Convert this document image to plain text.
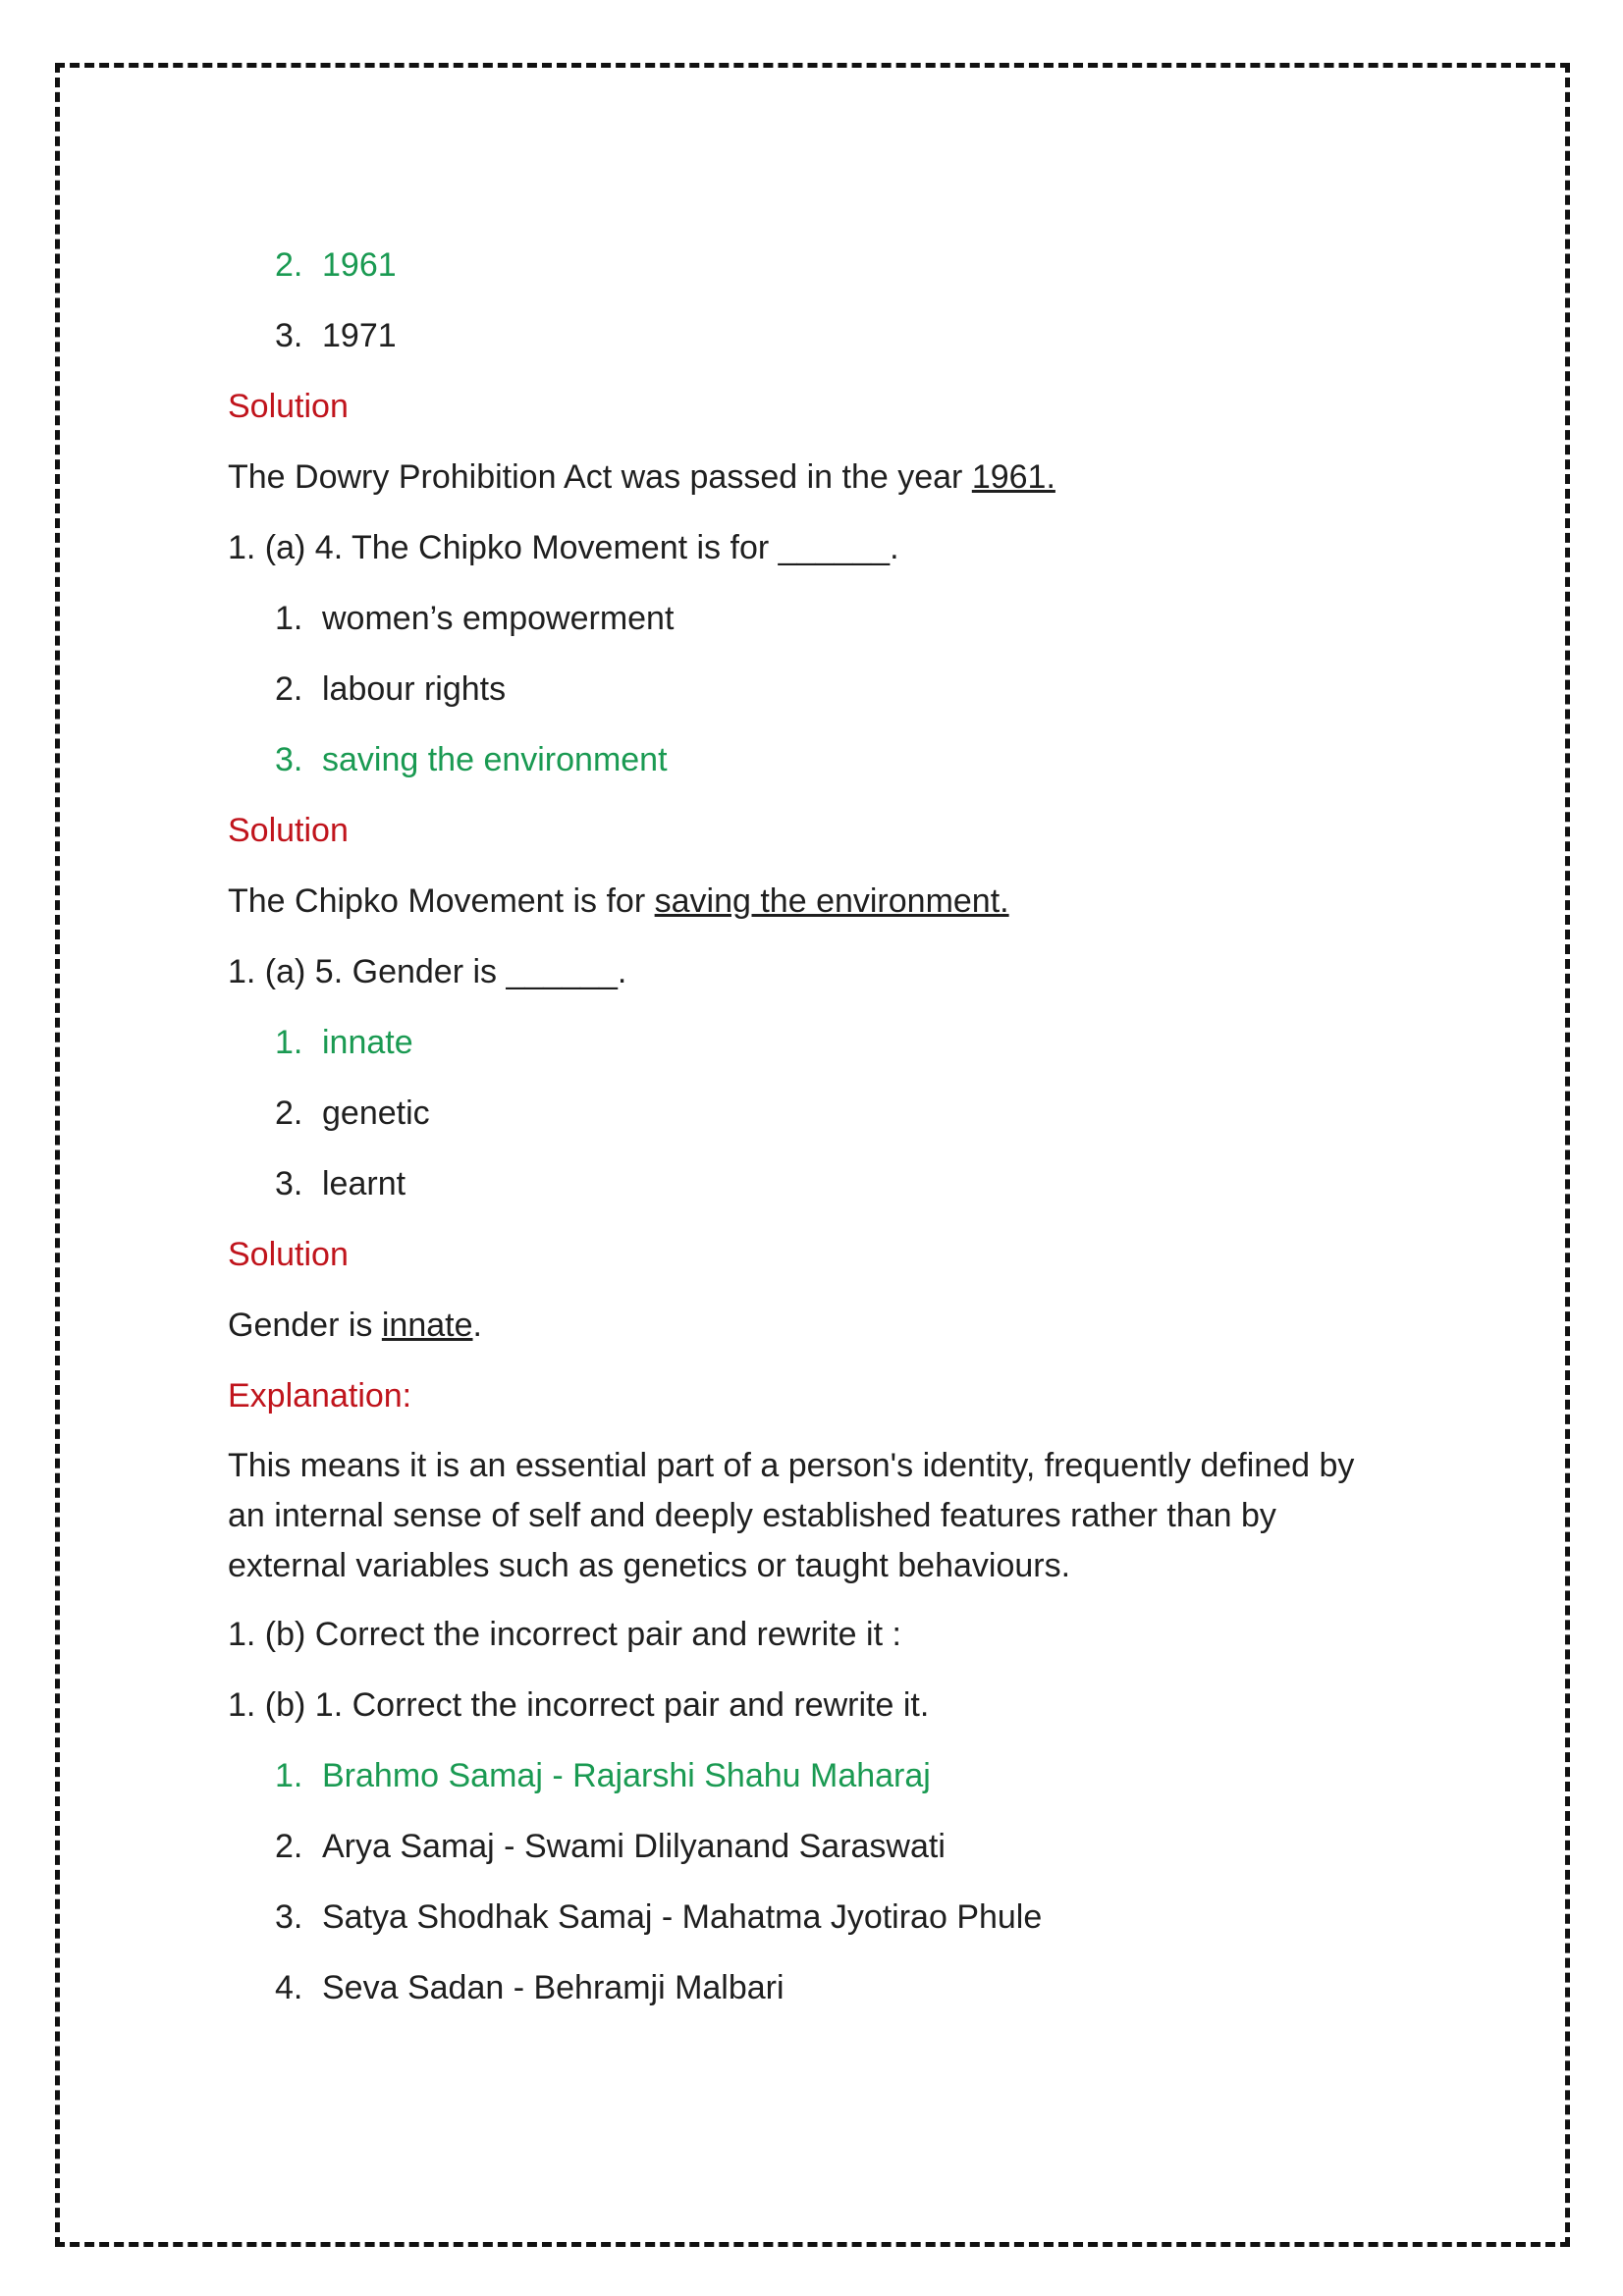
2. 1961
3. 1971
Solution
The Dowry Prohibition Act was passed in the year 1961.
1. (a) 4. The Chipko Movement is for ______.
1. women’s empowerment
2. labour rights
3. saving the environment
Solution
The Chipko Movement is for saving the environment.
1. (a) 5. Gender is ______.
1. innate
2. genetic
3. learnt
Solution
Gender is innate.
Explanation:
This means it is an essential part of a person's identity, frequently defined by an internal sense of self and deeply established features rather than by external variables such as genetics or taught behaviours.
1. (b) Correct the incorrect pair and rewrite it :
1. (b) 1. Correct the incorrect pair and rewrite it.
1. Brahmo Samaj - Rajarshi Shahu Maharaj
2. Arya Samaj - Swami Dlilyanand Saraswati
3. Satya Shodhak Samaj - Mahatma Jyotirao Phule
4. Seva Sadan - Behramji Malbari
